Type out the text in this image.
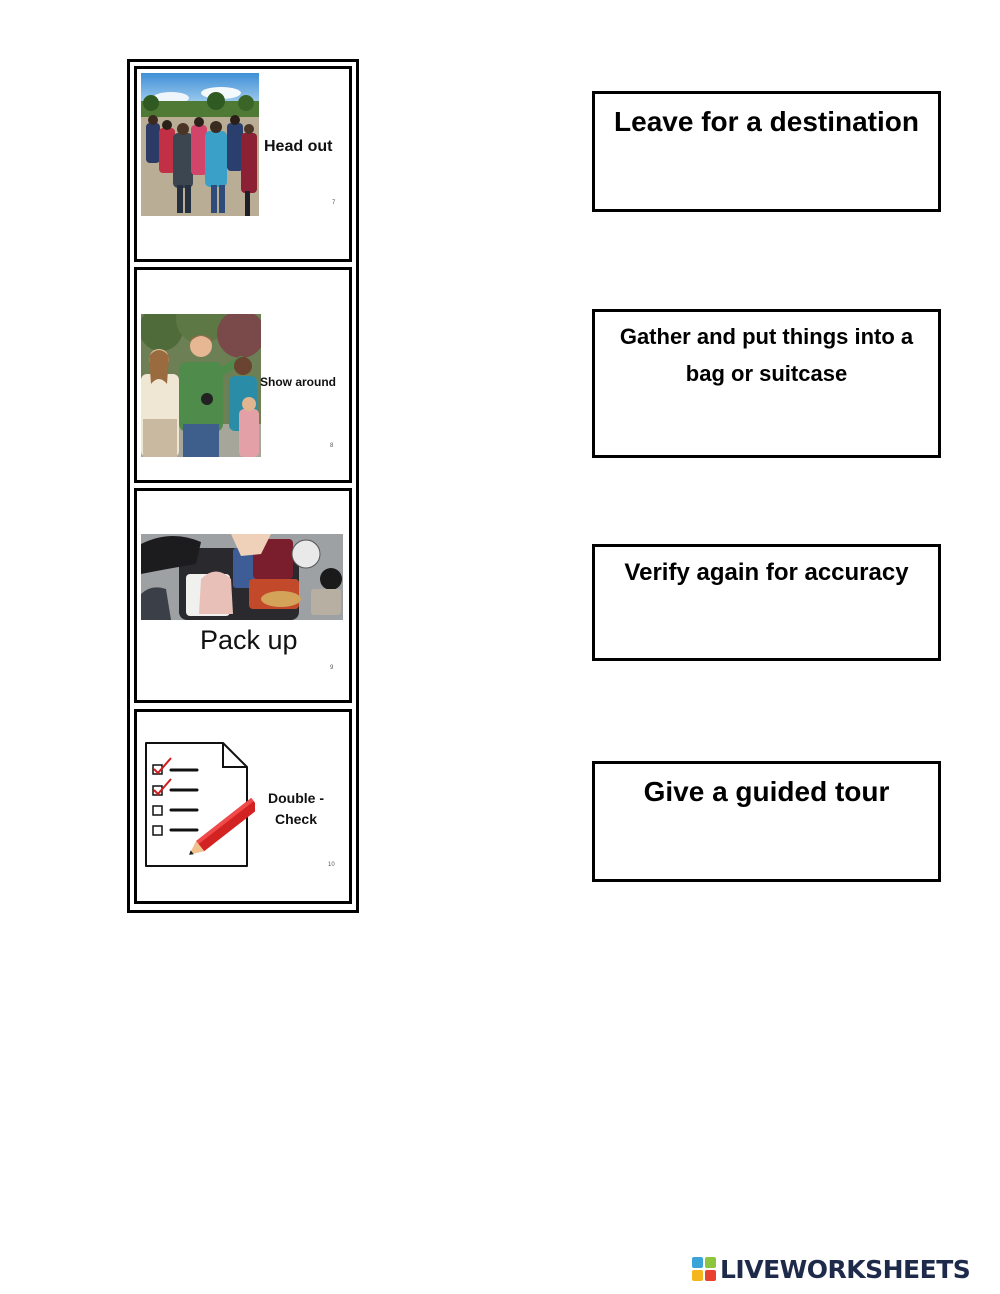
Head out
7
Show around
8
Pack up
9
Double -
Check
10
Leave for a destination
Gather and put things into a bag or suitcase
Verify again for accuracy
Give a guided tour
LIVEWORKSHEETS
